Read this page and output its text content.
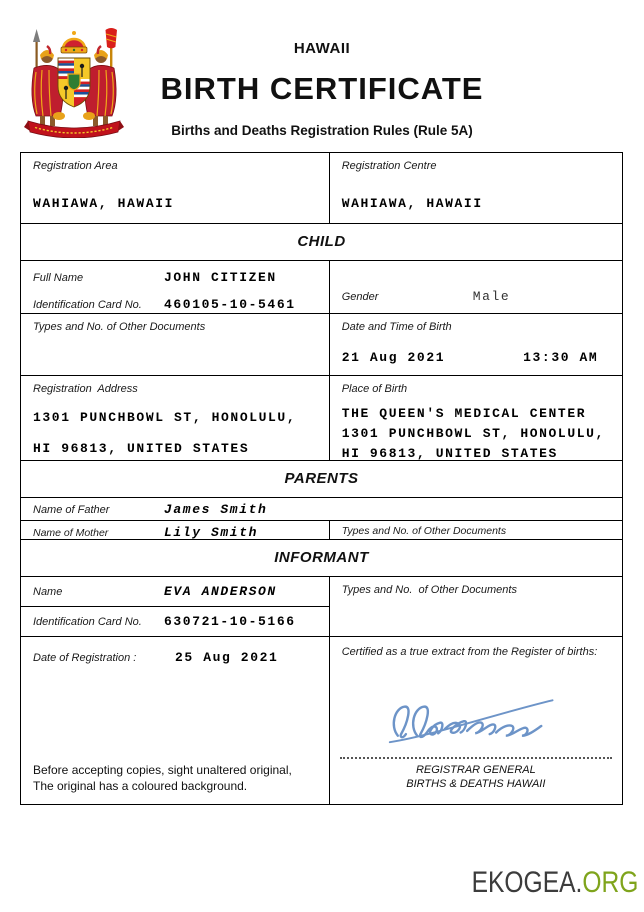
HAWAII
BIRTH CERTIFICATE
Births and Deaths Registration Rules (Rule 5A)
Registration Area
WAHIAWA, HAWAII
Registration Centre
WAHIAWA, HAWAII
CHILD
Full Name	JOHN CITIZEN
Identification Card No.	460105-10-5461	Gender	Male
Types and No. of Other Documents	Date and Time of Birth
21 Aug 2021	13:30 AM
Registration  Address
1301 PUNCHBOWL ST, HONOLULU,
HI 96813, UNITED STATES
Place of Birth
THE QUEEN'S MEDICAL CENTER
1301 PUNCHBOWL ST, HONOLULU,
HI 96813, UNITED STATES
PARENTS
Name of Father	James Smith
Name of Mother	Lily Smith	Types and No. of Other Documents
INFORMANT
Name	EVA ANDERSON
Identification Card No.	630721-10-5166
Types and No.  of Other Documents
Date of Registration :	25 Aug 2021
Before accepting copies, sight unaltered original,
The original has a coloured background.
Certified as a true extract from the Register of births:
REGISTRAR GENERAL
BIRTHS & DEATHS HAWAII
EKOGEA.ORG
